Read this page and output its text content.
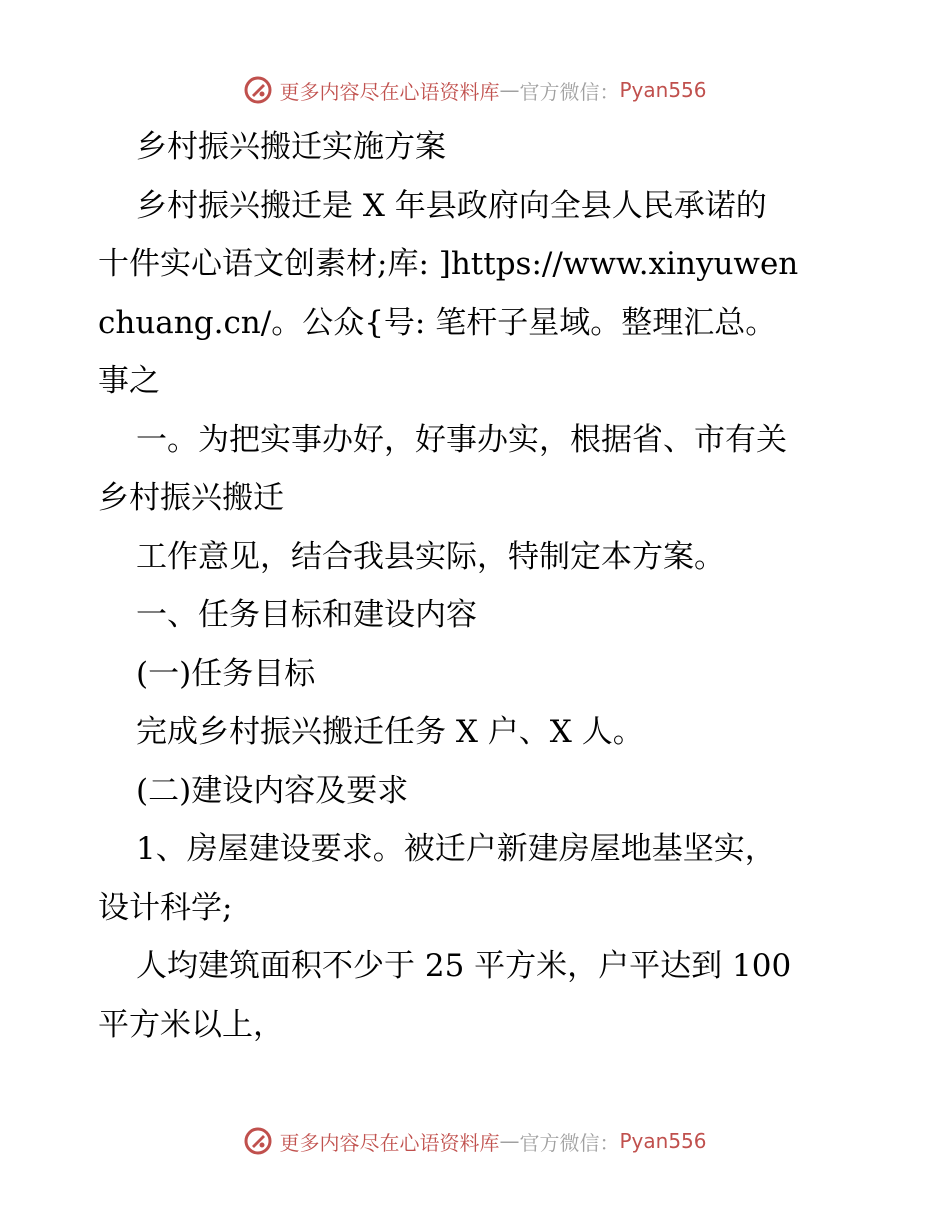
更多内容尽在心语资料库 — 官方微信： Pyan556
乡村振兴搬迁实施方案
乡村振兴搬迁是 X 年县政府向全县人民承诺的
十件实心语文创素材;库: ]https://www.xinyuwen
chuang.cn/。公众{号: 笔杆子星域。整理汇总。
事之
一。为把实事办好，好事办实，根据省、市有关
乡村振兴搬迁
工作意见，结合我县实际，特制定本方案。
一、任务目标和建设内容
(一)任务目标
完成乡村振兴搬迁任务 X 户、X 人。
(二)建设内容及要求
1、房屋建设要求。被迁户新建房屋地基坚实，
设计科学;
人均建筑面积不少于 25 平方米，户平达到 100
平方米以上，
更多内容尽在心语资料库 — 官方微信： Pyan556
